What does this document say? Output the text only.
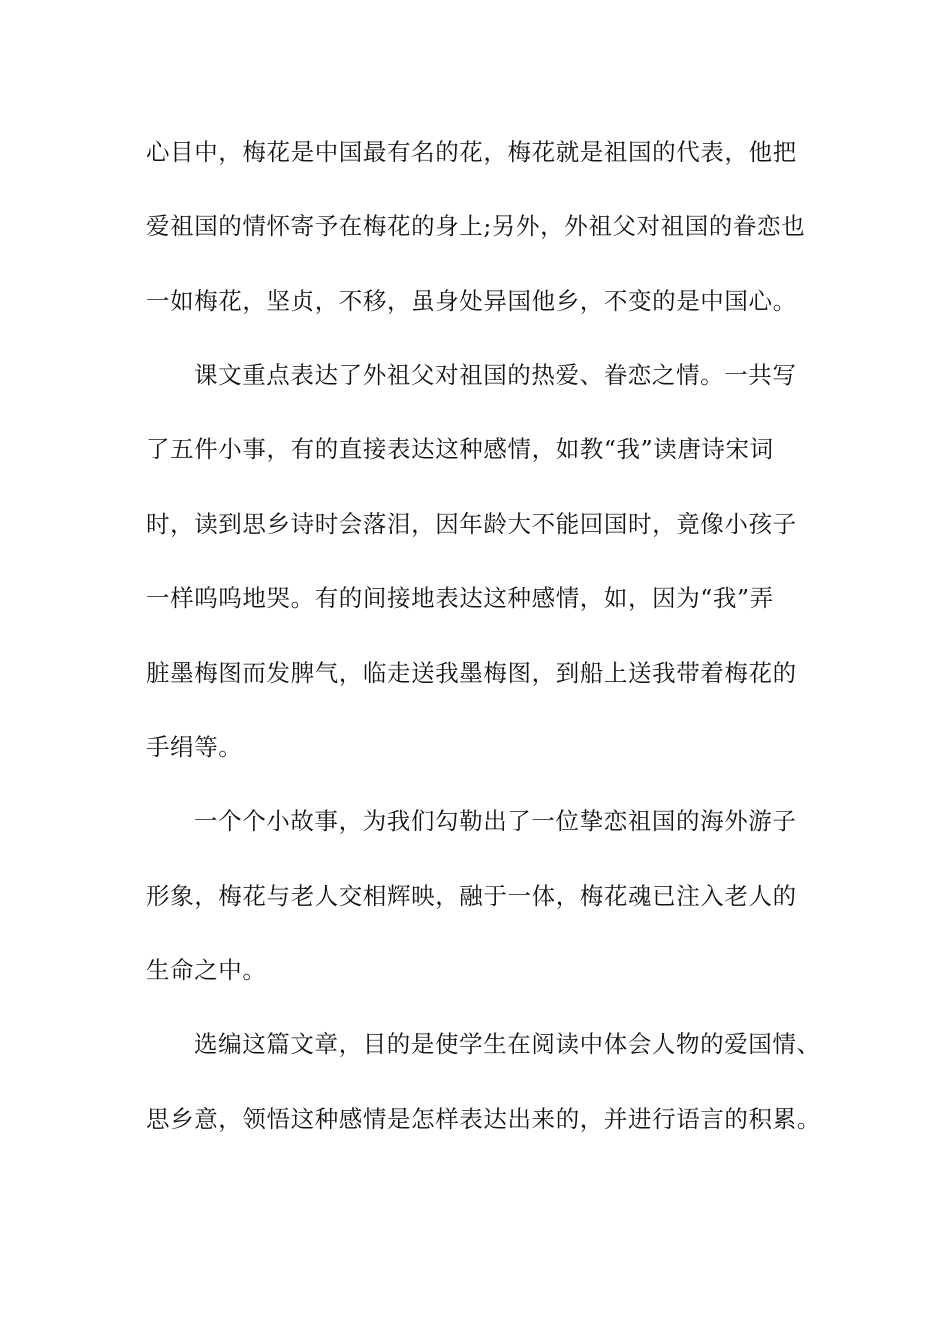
心目中，梅花是中国最有名的花，梅花就是祖国的代表，他把

爱祖国的情怀寄予在梅花的身上;另外，外祖父对祖国的眷恋也

一如梅花，坚贞，不移，虽身处异国他乡，不变的是中国心。

课文重点表达了外祖父对祖国的热爱、眷恋之情。一共写

了五件小事，有的直接表达这种感情，如教“我”读唐诗宋词

时，读到思乡诗时会落泪，因年龄大不能回国时，竟像小孩子

一样呜呜地哭。有的间接地表达这种感情，如，因为“我”弄

脏墨梅图而发脾气，临走送我墨梅图，到船上送我带着梅花的

手绢等。

一个个小故事，为我们勾勒出了一位挚恋祖国的海外游子

形象，梅花与老人交相辉映，融于一体，梅花魂已注入老人的

生命之中。

选编这篇文章，目的是使学生在阅读中体会人物的爱国情、

思乡意，领悟这种感情是怎样表达出来的，并进行语言的积累。
